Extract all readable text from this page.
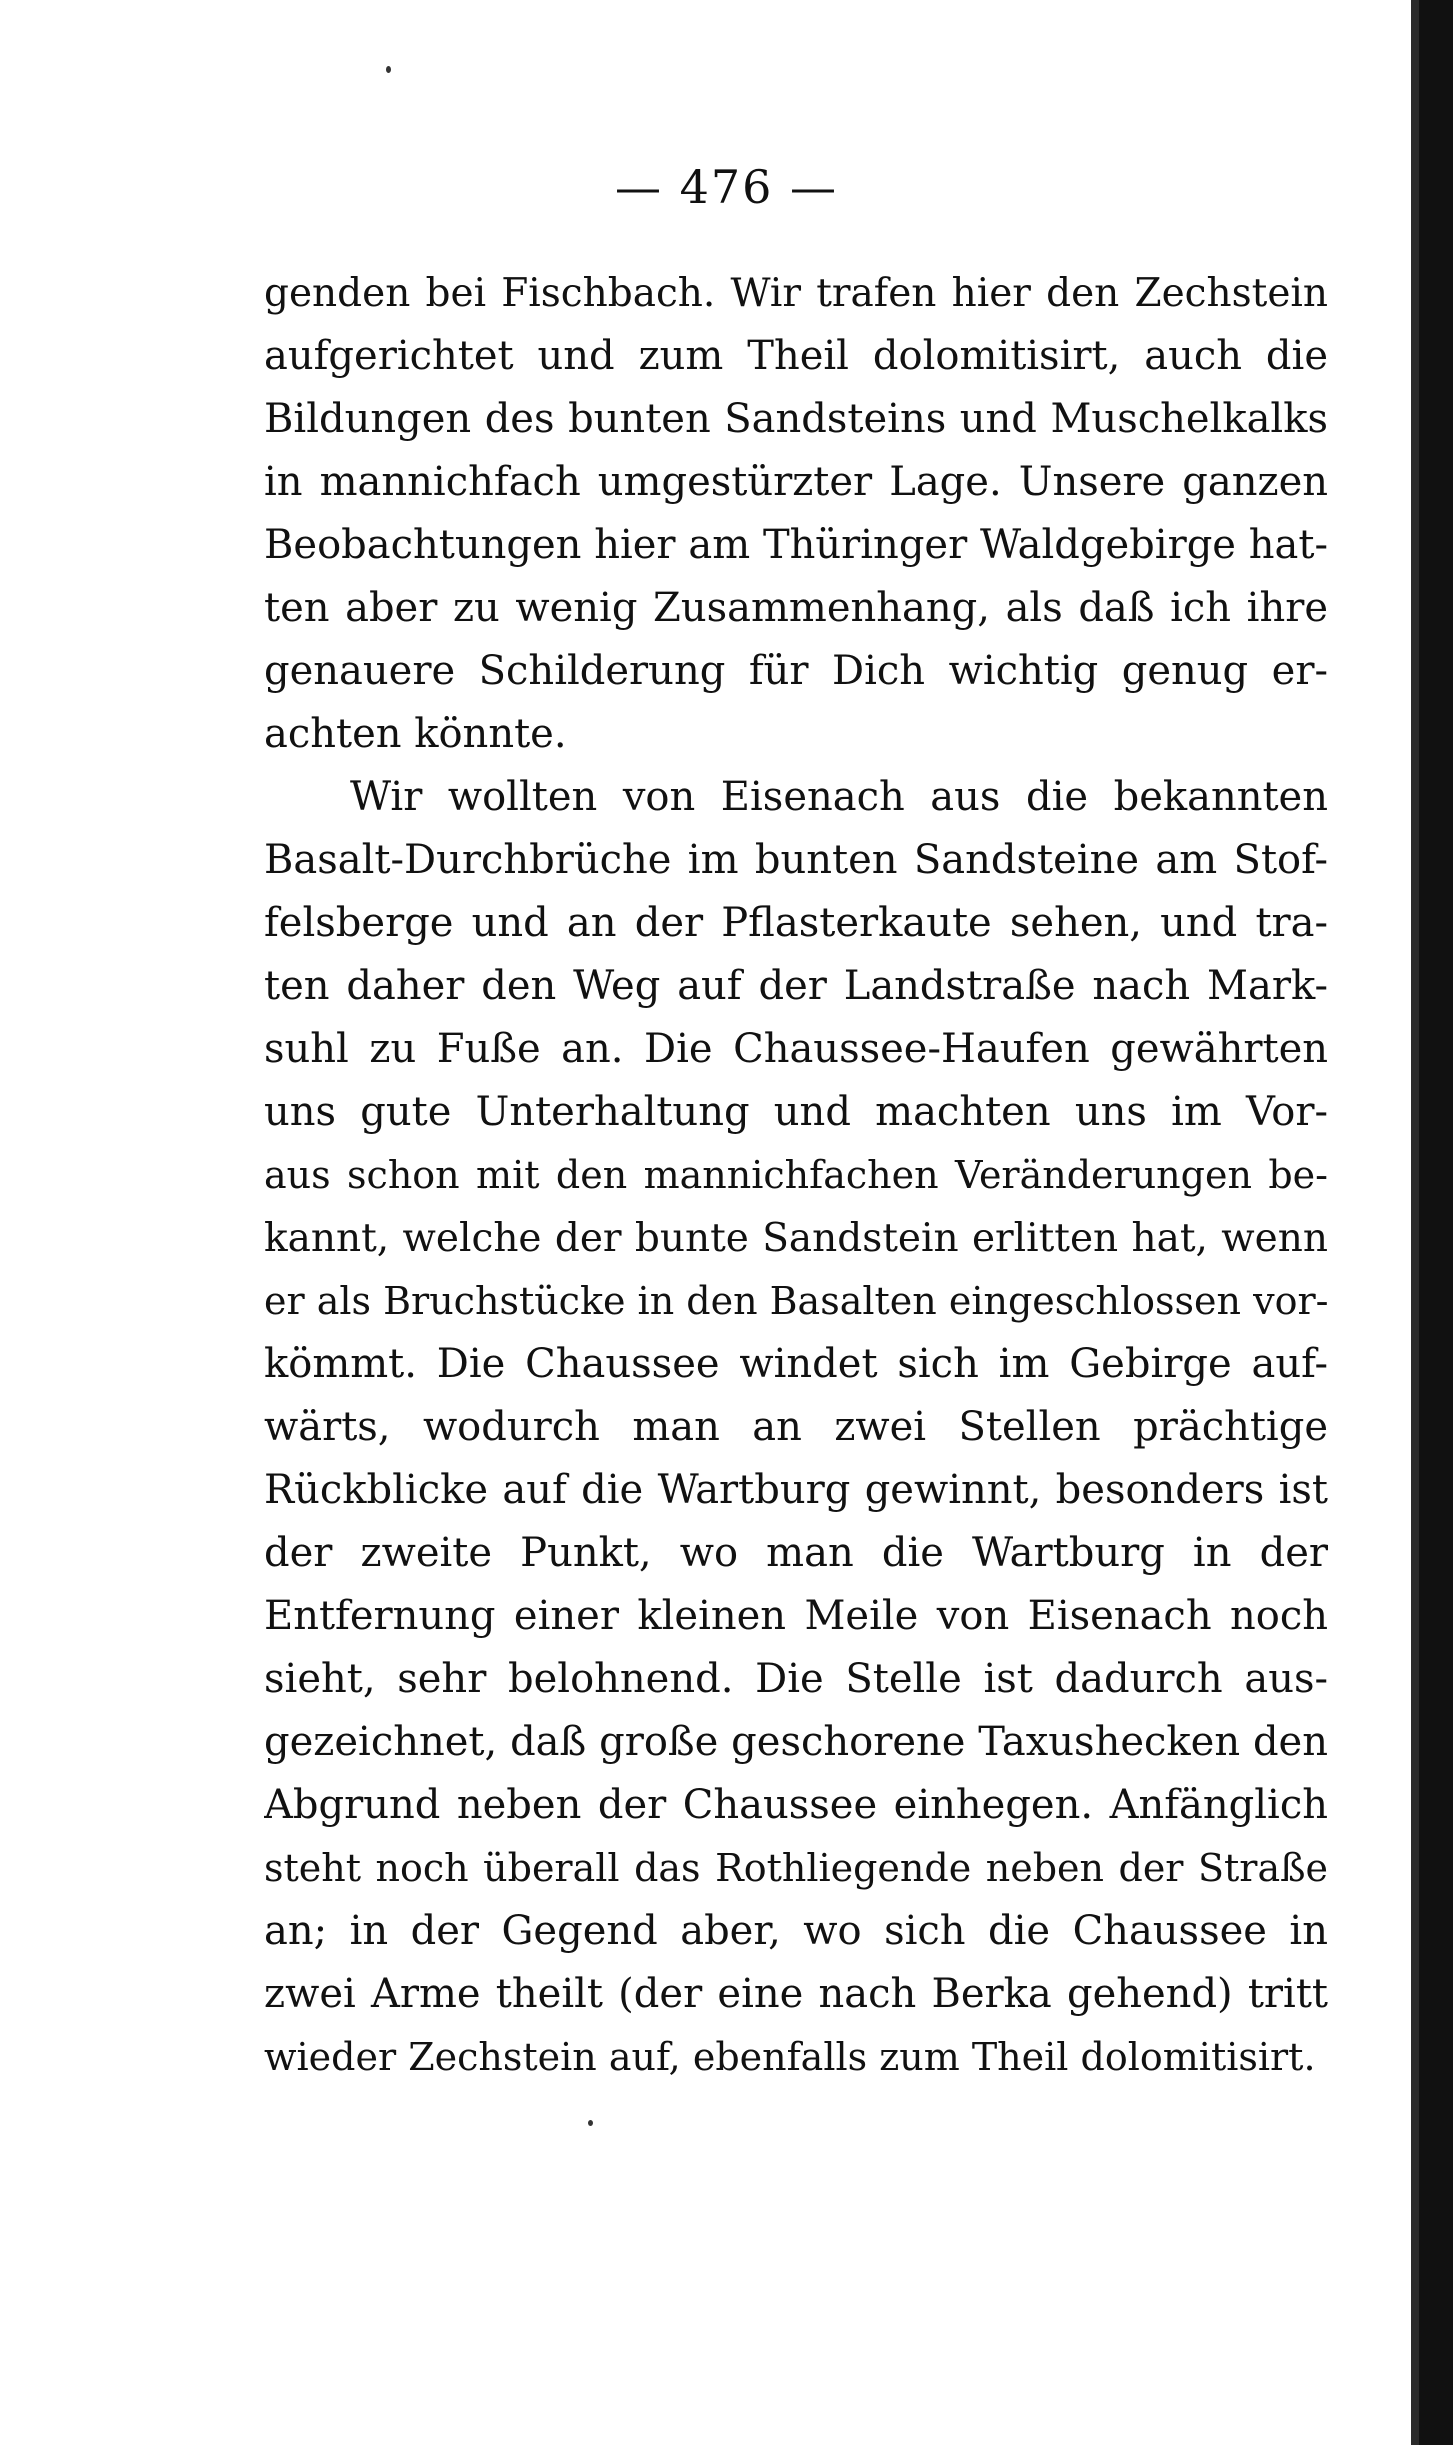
— 476 —
genden bei Fischbach. Wir trafen hier den Zechstein
aufgerichtet und zum Theil dolomitisirt, auch die
Bildungen des bunten Sandsteins und Muschelkalks
in mannichfach umgestürzter Lage. Unsere ganzen
Beobachtungen hier am Thüringer Waldgebirge hat-
ten aber zu wenig Zusammenhang, als daß ich ihre
genauere Schilderung für Dich wichtig genug er-
achten könnte.
Wir wollten von Eisenach aus die bekannten
Basalt-Durchbrüche im bunten Sandsteine am Stof-
felsberge und an der Pflasterkaute sehen, und tra-
ten daher den Weg auf der Landstraße nach Mark-
suhl zu Fuße an. Die Chaussee-Haufen gewährten
uns gute Unterhaltung und machten uns im Vor-
aus schon mit den mannichfachen Veränderungen be-
kannt, welche der bunte Sandstein erlitten hat, wenn
er als Bruchstücke in den Basalten eingeschlossen vor-
kömmt. Die Chaussee windet sich im Gebirge auf-
wärts, wodurch man an zwei Stellen prächtige
Rückblicke auf die Wartburg gewinnt, besonders ist
der zweite Punkt, wo man die Wartburg in der
Entfernung einer kleinen Meile von Eisenach noch
sieht, sehr belohnend. Die Stelle ist dadurch aus-
gezeichnet, daß große geschorene Taxushecken den
Abgrund neben der Chaussee einhegen. Anfänglich
steht noch überall das Rothliegende neben der Straße
an; in der Gegend aber, wo sich die Chaussee in
zwei Arme theilt (der eine nach Berka gehend) tritt
wieder Zechstein auf, ebenfalls zum Theil dolomitisirt.
